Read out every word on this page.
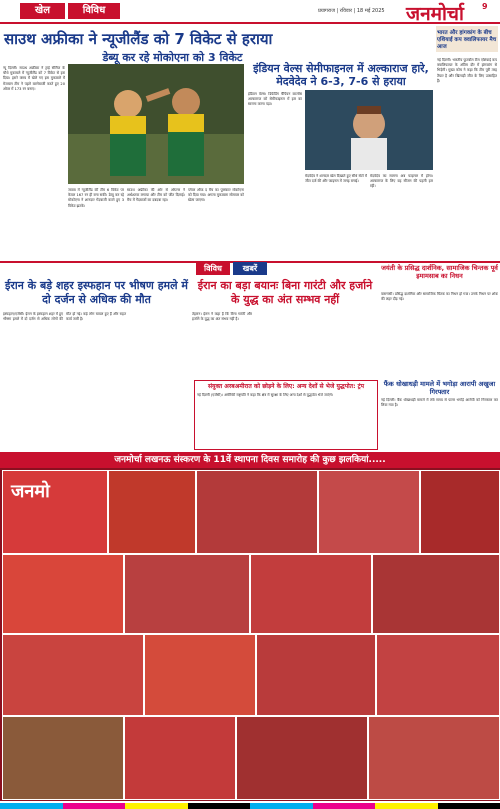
खेल	विविध	प्रयागराज | रविवार | 18 मई 2025 जनमोर्चा 9
साउथ अफ्रीका ने न्यूजीलैंड को 7 विकेट से हराया
डेब्यू कर रहे मोकोएना को 3 विकेट
न्यू दिल्ली। साउथ अफ्रीका ने ट्राई सीरीज के चौथे मुकाबले में न्यूजीलैंड को 7 विकेट से हरा दिया। हरारे क्लब में खेले गए इस मुकाबले में मेजबान टीम ने पहले बल्लेबाजी करते हुए 20 ओवर में 173 रन बनाए।
जवाब में न्यूजीलैंड की टीम 6 विकेट पर केवल 167 रन ही बना सकी। डेब्यू कर रहे मोकोएना ने शानदार गेंदबाजी करते हुए 3 विकेट झटके।
साउथ अफ्रीका की ओर से ओपनर ने अर्धशतक लगाया और टीम को जीत दिलाई। मैच में गेंदबाजों का दबदबा रहा।
प्लेयर ऑफ द मैच का पुरस्कार मोकोएना को दिया गया। अगला मुकाबला सोमवार को खेला जाएगा।
इंडियन वेल्स सेमीफाइनल में अल्काराज हारे, मेदवेदेव ने 6-3, 7-6 से हराया
इंडियन वेल्स। डिफेंडिंग चैंपियन कार्लोस अल्काराज को सेमीफाइनल में हार का सामना करना पड़ा।
मेदवेदेव ने शानदार खेल दिखाते हुए सीधे सेटों में जीत दर्ज की और फाइनल में जगह बनाई।
मेदवेदेव का सामना अब फाइनल में होगा। अल्काराज के लिए यह सीजन की पहली हार रही।
भारत और हांगकांग के बीच एशियाई कप क्वालिफायर मैच आज
नई दिल्ली। भारतीय फुटबॉल टीम एशियाई कप क्वालिफायर के अंतिम दौर में हांगकांग से भिड़ेगी। मुख्य कोच ने कहा कि टीम पूरी तरह तैयार है और खिलाड़ी जीत के लिए उत्साहित हैं।
विविध	खबरें
ईरान के बड़े शहर इस्फहान पर भीषण हमले में दो दर्जन से अधिक की मौत
इस्फहान/एजेंसी। ईरान के इस्फहान शहर में हुए भीषण हमले में दो दर्जन से अधिक लोगों की मौत हो गई। कई लोग घायल हुए हैं और राहत कार्य जारी है।
ईरान का बड़ा बयानः बिना गारंटी और हर्जाने के युद्ध का अंत सम्भव नहीं
तेहरान। ईरान ने कहा है कि बिना गारंटी और हर्जाने के युद्ध का अंत संभव नहीं है।
संयुक्त अरबअमीरात को छोड़ने के लिए: अन्य देशों से भेजे युद्धपोत: ट्रंप
नई दिल्ली (एजेंसी)। अमेरिकी राष्ट्रपति ने कहा कि क्षेत्र में सुरक्षा के लिए अन्य देशों से युद्धपोत भेजे जाएंगे।
जयंती के प्रसिद्ध दार्शनिक, सामाजिक चिन्तक पूर्व इमामसाब का निधन
वाराणसी। प्रसिद्ध दार्शनिक और सामाजिक चिंतक का निधन हो गया। उनके निधन पर शोक की लहर दौड़ गई।
फैंक धोखाधड़ी मामले में भगोड़ा आरापी अखुजा गिरफ्तार
नई दिल्ली। बैंक धोखाधड़ी मामले में लंबे समय से फरार भगोड़े आरोपी को गिरफ्तार कर लिया गया है।
जनमोर्चा लखनऊ संस्करण के 11वें स्थापना दिवस समारोह की कुछ झलकियां.....
जनमो
